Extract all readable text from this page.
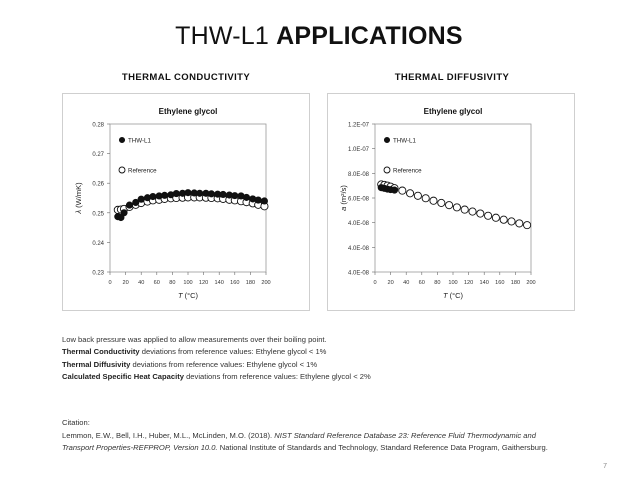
THW-L1 APPLICATIONS
THERMAL CONDUCTIVITY	THERMAL DIFFUSIVITY
Ethylene glycol
0.23
0.24
0.25
0.26
0.27
0.28
0 20 40 60 80 100 120 140 160 180 200
T (°C)
λ (W/mK)
THW-L1
Reference
Ethylene glycol
4.0E-08
4.0E-08
4.0E-08
6.0E-08
8.0E-08
1.0E-07
1.2E-07
0 20 40 60 80 100 120 140 160 180 200
T (°C)
a (m²/s)
THW-L1
Reference
Low back pressure was applied to allow measurements over their boiling point.
Thermal Conductivity deviations from reference values: Ethylene glycol < 1%
Thermal Diffusivity deviations from reference values: Ethylene glycol < 1%
Calculated Specific Heat Capacity deviations from reference values: Ethylene glycol < 2%
Citation:
Lemmon, E.W., Bell, I.H., Huber, M.L., McLinden, M.O. (2018). NIST Standard Reference Database 23: Reference Fluid Thermodynamic and Transport Properties-REFPROP, Version 10.0. National Institute of Standards and Technology, Standard Reference Data Program, Gaithersburg.
7
